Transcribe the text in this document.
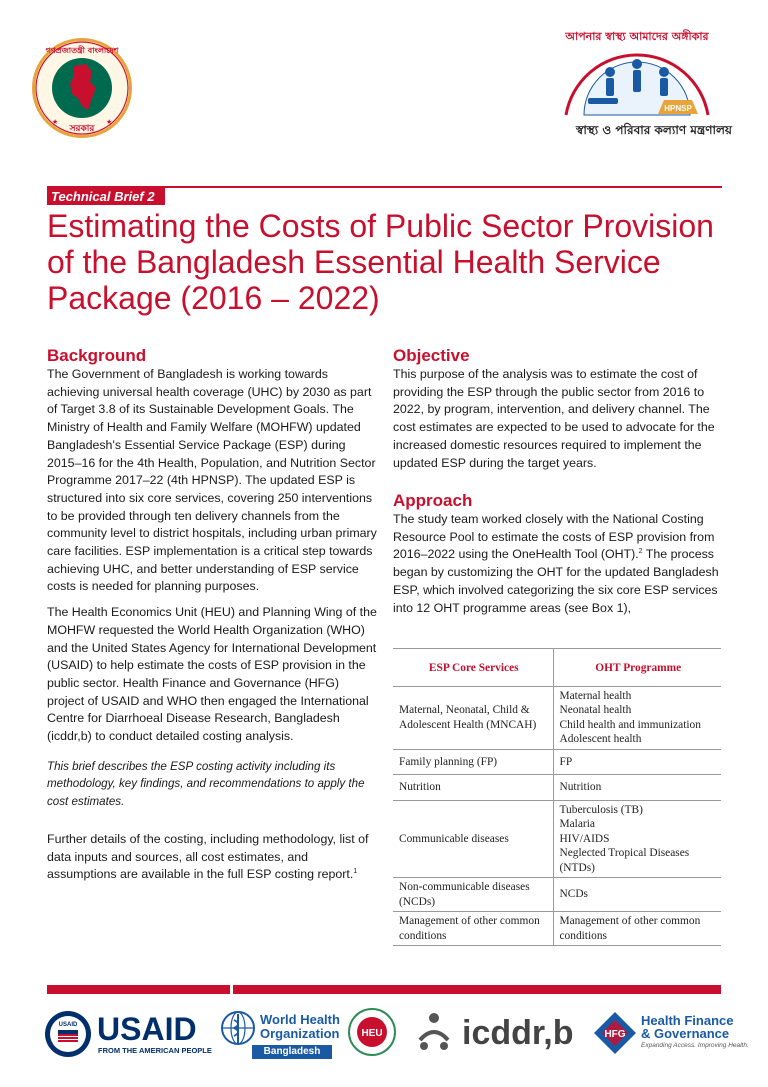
গণপ্রজাতন্ত্রী বাংলাদেশ
সরকার
★	★
আপনার স্বাস্থ্য আমাদের অঙ্গীকার
HPNSP
স্বাস্থ্য ও পরিবার কল্যাণ মন্ত্রণালয়
Technical Brief 2
Estimating the Costs of Public Sector Provision of the Bangladesh Essential Health Service Package (2016 – 2022)
Background

The Government of Bangladesh is working towards achieving universal health coverage (UHC) by 2030 as part of Target 3.8 of its Sustainable Development Goals. The Ministry of Health and Family Welfare (MOHFW) updated Bangladesh's Essential Service Package (ESP) during 2015–16 for the 4th Health, Population, and Nutrition Sector Programme 2017–22 (4th HPNSP). The updated ESP is structured into six core services, covering 250 interventions to be provided through ten delivery channels from the community level to district hospitals, including urban primary care facilities. ESP implementation is a critical step towards achieving UHC, and better understanding of ESP service costs is needed for planning purposes.

The Health Economics Unit (HEU) and Planning Wing of the MOHFW requested the World Health Organization (WHO) and the United States Agency for International Development (USAID) to help estimate the costs of ESP provision in the public sector. Health Finance and Governance (HFG) project of USAID and WHO then engaged the International Centre for Diarrhoeal Disease Research, Bangladesh (icddr,b) to conduct detailed costing analysis.

This brief describes the ESP costing activity including its methodology, key findings, and recommendations to apply the cost estimates.

Further details of the costing, including methodology, list of data inputs and sources, all cost estimates, and assumptions are available in the full ESP costing report.$^1$

Objective

This purpose of the analysis was to estimate the cost of providing the ESP through the public sector from 2016 to 2022, by program, intervention, and delivery channel. The cost estimates are expected to be used to advocate for the increased domestic resources required to implement the updated ESP during the target years.

Approach

The study team worked closely with the National Costing Resource Pool to estimate the costs of ESP provision from 2016–2022 using the OneHealth Tool (OHT).$^2$ The process began by customizing the OHT for the updated Bangladesh ESP, which involved categorizing the six core ESP services into 12 OHT programme areas (see Box 1),

ESP Core Services	OHT Programme
Maternal, Neonatal, Child & Adolescent Health (MNCAH)	Maternal health
Neonatal health
Child health and immunization
Adolescent health

Family planning (FP)	FP

Nutrition	Nutrition

Communicable diseases	Tuberculosis (TB)
Malaria
HIV/AIDS
Neglected Tropical Diseases (NTDs)

Non-communicable diseases (NCDs)	NCDs

Management of other common conditions	Management of other common conditions
USAID USAID
FROM THE AMERICAN PEOPLE
World Health
Organization
Bangladesh
HEU icddr,b	HFG
Health Finance
& Governance
Expanding Access. Improving Health.
